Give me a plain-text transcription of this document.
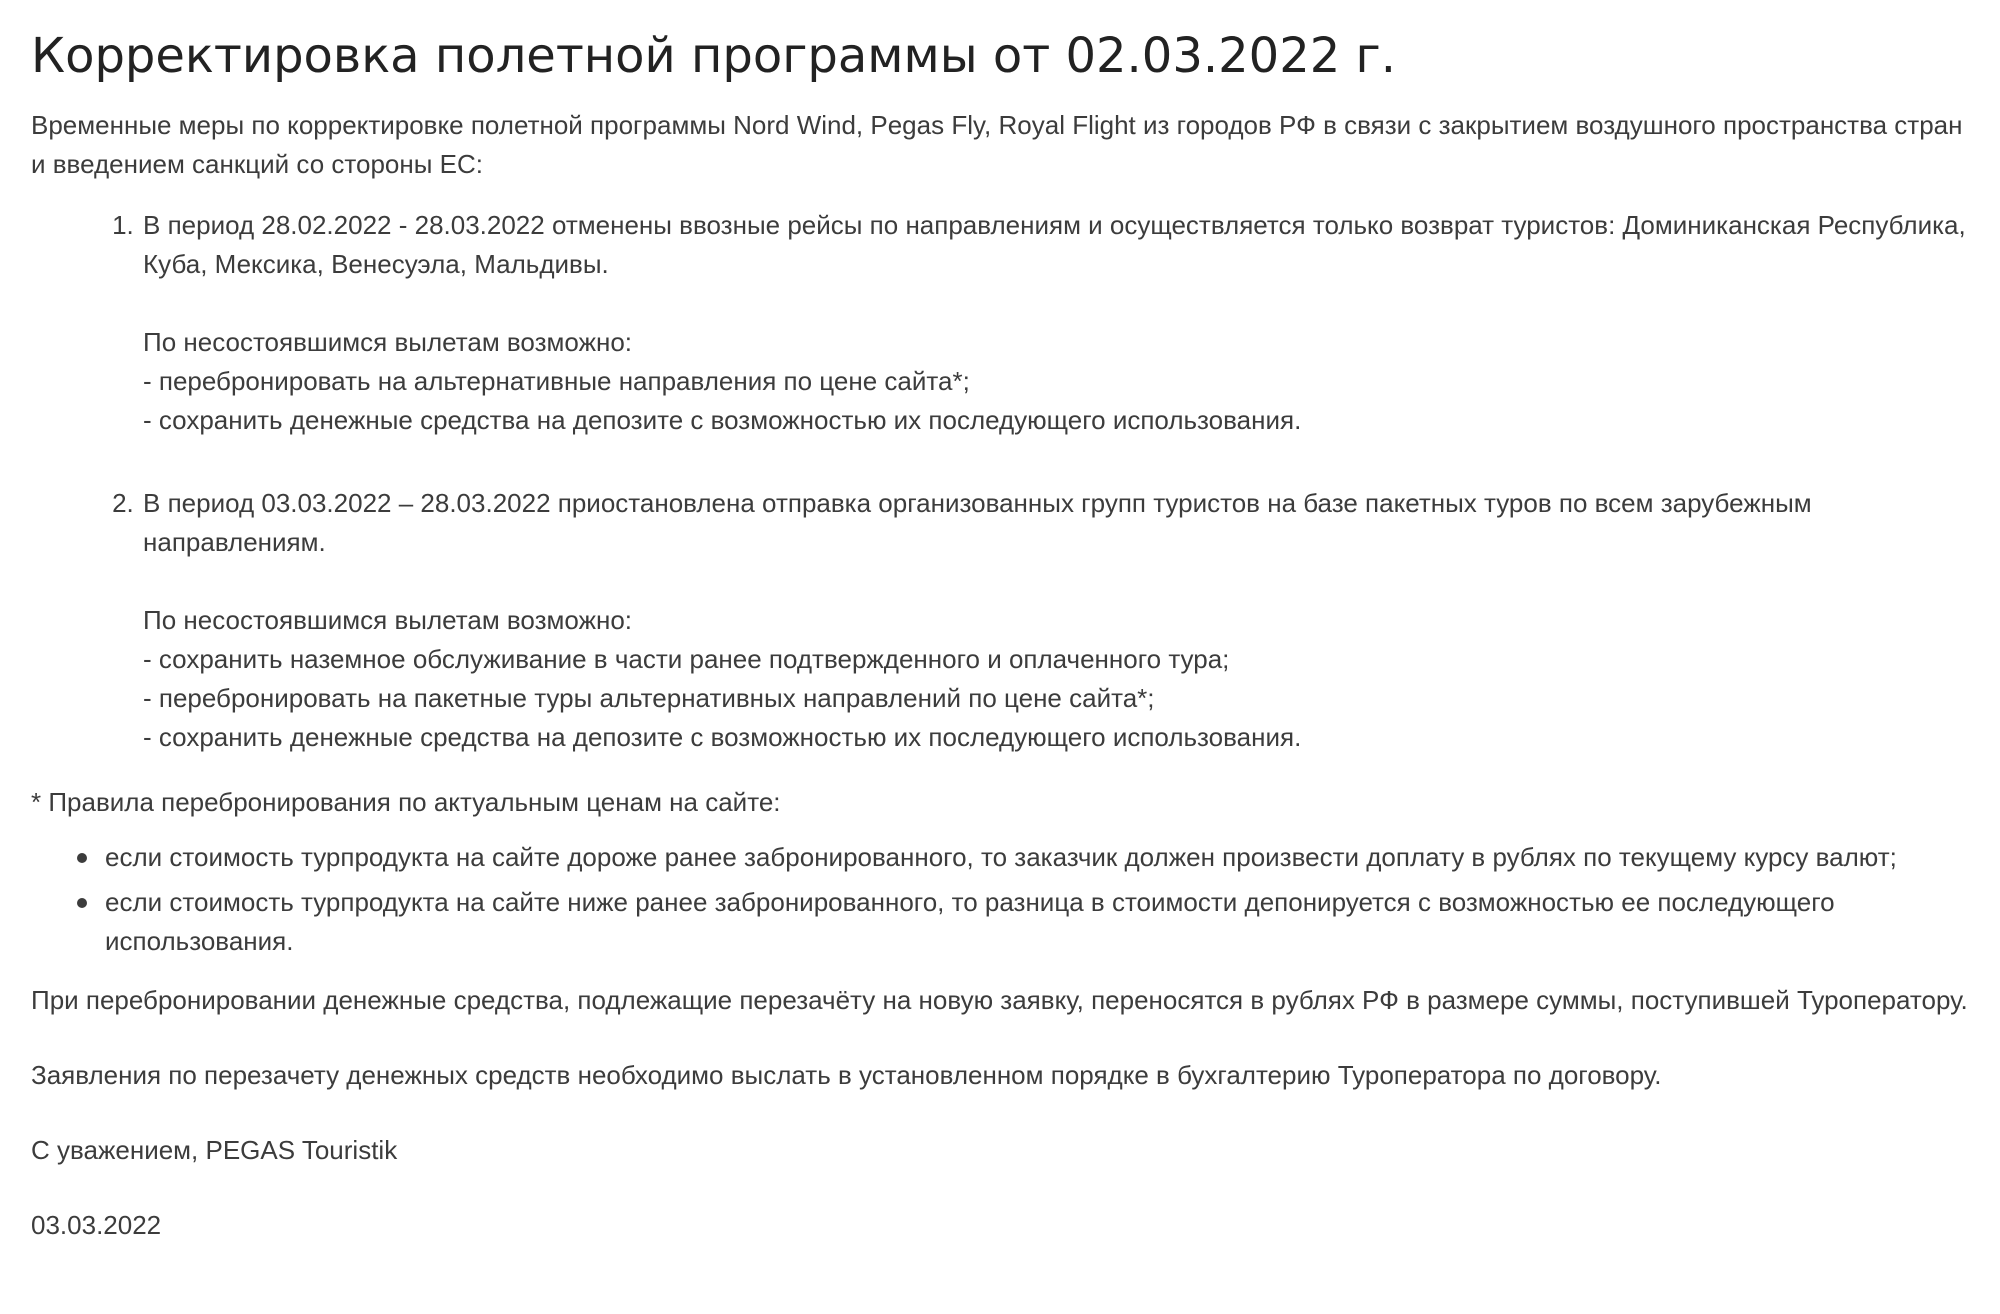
Корректировка полетной программы от 02.03.2022 г.

Временные меры по корректировке полетной программы Nord Wind, Pegas Fly, Royal Flight из городов РФ в связи с закрытием воздушного пространства стран и введением санкций со стороны ЕС:

1. В период 28.02.2022 - 28.03.2022 отменены ввозные рейсы по направлениям и осуществляется только возврат туристов: Доминиканская Республика, Куба, Мексика, Венесуэла, Мальдивы.
По несостоявшимся вылетам возможно:
- перебронировать на альтернативные направления по цене сайта*;
- сохранить денежные средства на депозите с возможностью их последующего использования.
2. В период 03.03.2022 – 28.03.2022 приостановлена отправка организованных групп туристов на базе пакетных туров по всем зарубежным направлениям.
По несостоявшимся вылетам возможно:
- сохранить наземное обслуживание в части ранее подтвержденного и оплаченного тура;
- перебронировать на пакетные туры альтернативных направлений по цене сайта*;
- сохранить денежные средства на депозите с возможностью их последующего использования.

* Правила перебронирования по актуальным ценам на сайте:

если стоимость турпродукта на сайте дороже ранее забронированного, то заказчик должен произвести доплату в рублях по текущему курсу валют;
если стоимость турпродукта на сайте ниже ранее забронированного, то разница в стоимости депонируется с возможностью ее последующего использования.

При перебронировании денежные средства, подлежащие перезачёту на новую заявку, переносятся в рублях РФ в размере суммы, поступившей Туроператору.

Заявления по перезачету денежных средств необходимо выслать в установленном порядке в бухгалтерию Туроператора по договору.

С уважением, PEGAS Touristik

03.03.2022
